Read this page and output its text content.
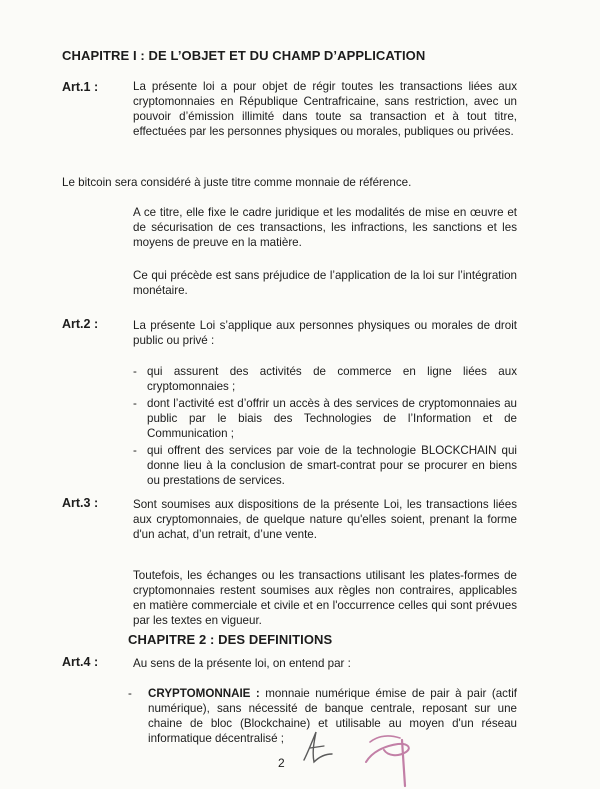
CHAPITRE I : DE L’OBJET ET DU CHAMP D’APPLICATION
Art.1 :	La présente loi a pour objet de régir toutes les transactions liées aux cryptomonnaies en République Centrafricaine, sans restriction, avec un pouvoir d’émission illimité dans toute sa transaction et à tout titre, effectuées par les personnes physiques ou morales, publiques ou privées.
Le bitcoin sera considéré à juste titre comme monnaie de référence.
A ce titre, elle fixe le cadre juridique et les modalités de mise en œuvre et de sécurisation de ces transactions, les infractions, les sanctions et les moyens de preuve en la matière.
Ce qui précède est sans préjudice de l’application de la loi sur l’intégration monétaire.
Art.2 :	La présente Loi s’applique aux personnes physiques ou morales de droit public ou privé :
- qui assurent des activités de commerce en ligne liées aux cryptomonnaies ;
- dont l’activité est d’offrir un accès à des services de cryptomonnaies au public par le biais des Technologies de l’Information et de Communication ;
- qui offrent des services par voie de la technologie BLOCKCHAIN qui donne lieu à la conclusion de smart-contrat pour se procurer en biens ou prestations de services.
Art.3 :	Sont soumises aux dispositions de la présente Loi, les transactions liées aux cryptomonnaies, de quelque nature qu'elles soient, prenant la forme d'un achat, d’un retrait, d’une vente.
Toutefois, les échanges ou les transactions utilisant les plates-formes de cryptomonnaies restent soumises aux règles non contraires, applicables en matière commerciale et civile et en l'occurrence celles qui sont prévues par les textes en vigueur.
CHAPITRE 2 : DES DEFINITIONS
Art.4 :	Au sens de la présente loi, on entend par :
- CRYPTOMONNAIE : monnaie numérique émise de pair à pair (actif numérique), sans nécessité de banque centrale, reposant sur une chaine de bloc (Blockchaine) et utilisable au moyen d'un réseau informatique décentralisé ;
2
